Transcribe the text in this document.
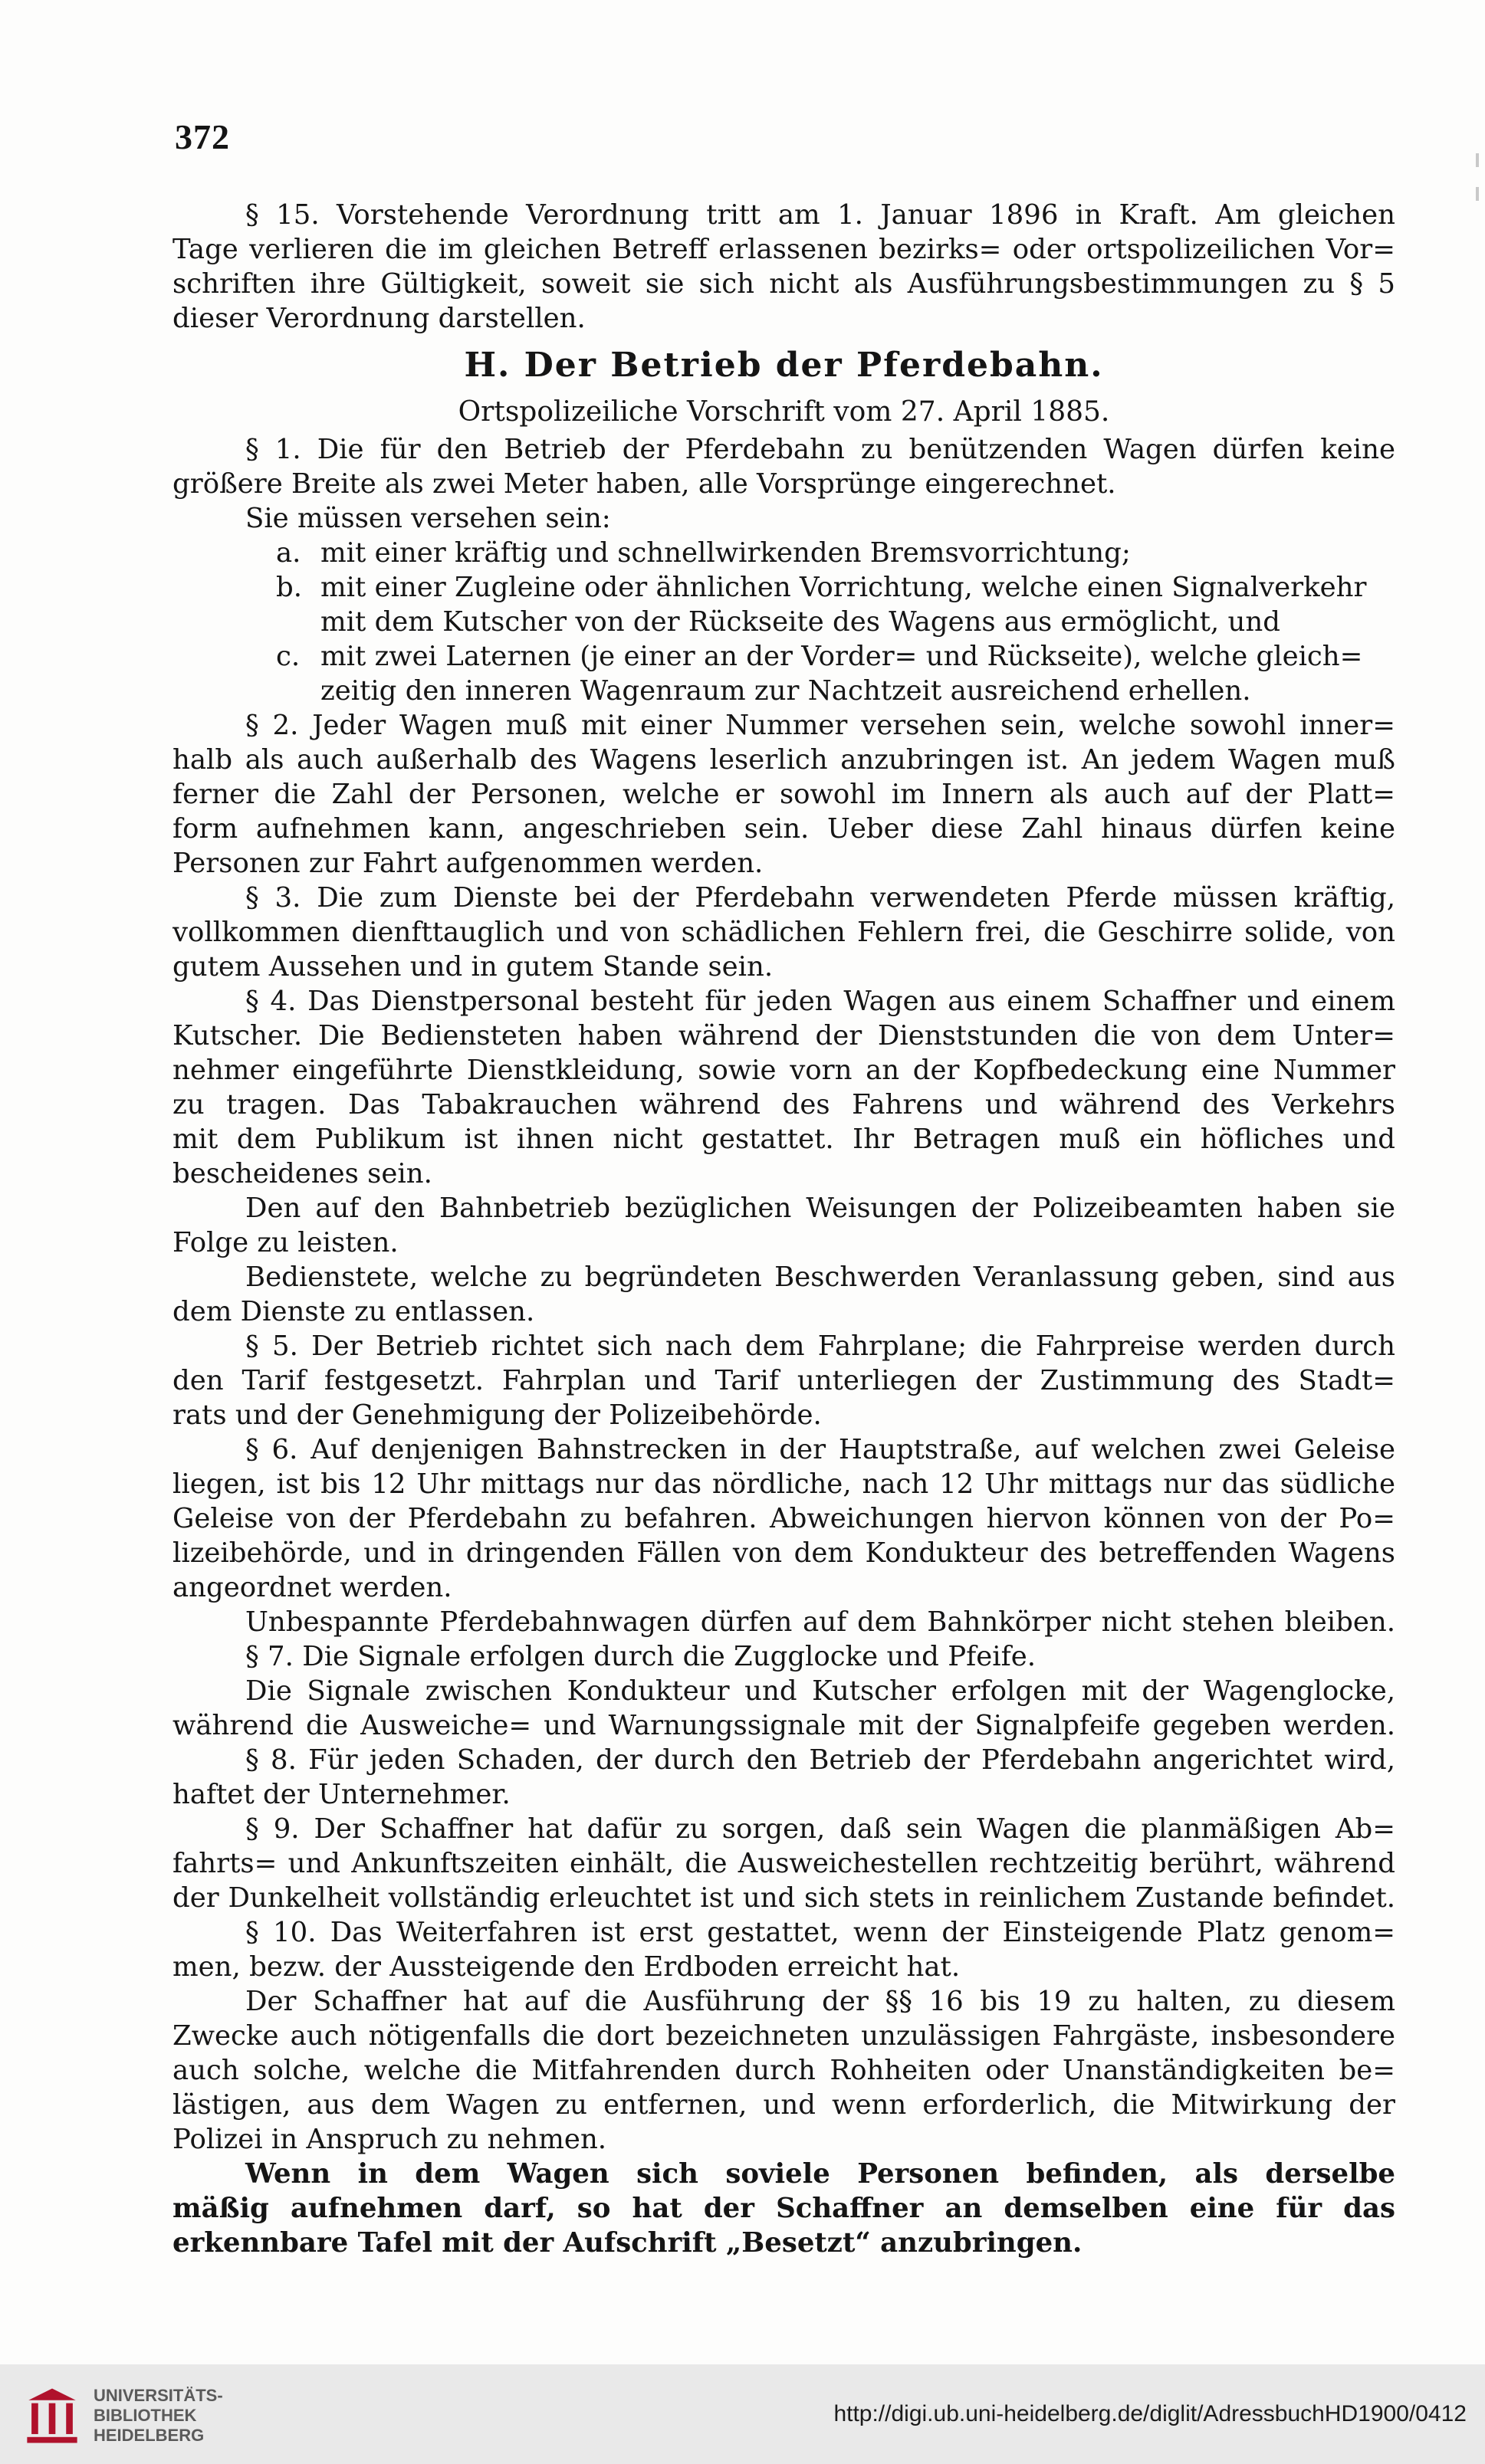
372
§ 15. Vorstehende Verordnung tritt am 1. Januar 1896 in Kraft. Am gleichen
Tage verlieren die im gleichen Betreff erlassenen bezirks= oder ortspolizeilichen Vor=
schriften ihre Gültigkeit, soweit sie sich nicht als Ausführungsbestimmungen zu § 5
dieser Verordnung darstellen.
H. Der Betrieb der Pferdebahn.
Ortspolizeiliche Vorschrift vom 27. April 1885.
§ 1. Die für den Betrieb der Pferdebahn zu benützenden Wagen dürfen keine
größere Breite als zwei Meter haben, alle Vorsprünge eingerechnet.
Sie müssen versehen sein:
a. mit einer kräftig und schnellwirkenden Bremsvorrichtung;
b. mit einer Zugleine oder ähnlichen Vorrichtung, welche einen Signalverkehr
mit dem Kutscher von der Rückseite des Wagens aus ermöglicht, und
c. mit zwei Laternen (je einer an der Vorder= und Rückseite), welche gleich=
zeitig den inneren Wagenraum zur Nachtzeit ausreichend erhellen.
§ 2. Jeder Wagen muß mit einer Nummer versehen sein, welche sowohl inner=
halb als auch außerhalb des Wagens leserlich anzubringen ist. An jedem Wagen muß
ferner die Zahl der Personen, welche er sowohl im Innern als auch auf der Platt=
form aufnehmen kann, angeschrieben sein. Ueber diese Zahl hinaus dürfen keine
Personen zur Fahrt aufgenommen werden.
§ 3. Die zum Dienste bei der Pferdebahn verwendeten Pferde müssen kräftig,
vollkommen dienfttauglich und von schädlichen Fehlern frei, die Geschirre solide, von
gutem Aussehen und in gutem Stande sein.
§ 4. Das Dienstpersonal besteht für jeden Wagen aus einem Schaffner und einem
Kutscher. Die Bediensteten haben während der Dienststunden die von dem Unter=
nehmer eingeführte Dienstkleidung, sowie vorn an der Kopfbedeckung eine Nummer
zu tragen. Das Tabakrauchen während des Fahrens und während des Verkehrs
mit dem Publikum ist ihnen nicht gestattet. Ihr Betragen muß ein höfliches und
bescheidenes sein.
Den auf den Bahnbetrieb bezüglichen Weisungen der Polizeibeamten haben sie
Folge zu leisten.
Bedienstete, welche zu begründeten Beschwerden Veranlassung geben, sind aus
dem Dienste zu entlassen.
§ 5. Der Betrieb richtet sich nach dem Fahrplane; die Fahrpreise werden durch
den Tarif festgesetzt. Fahrplan und Tarif unterliegen der Zustimmung des Stadt=
rats und der Genehmigung der Polizeibehörde.
§ 6. Auf denjenigen Bahnstrecken in der Hauptstraße, auf welchen zwei Geleise
liegen, ist bis 12 Uhr mittags nur das nördliche, nach 12 Uhr mittags nur das südliche
Geleise von der Pferdebahn zu befahren. Abweichungen hiervon können von der Po=
lizeibehörde, und in dringenden Fällen von dem Kondukteur des betreffenden Wagens
angeordnet werden.
Unbespannte Pferdebahnwagen dürfen auf dem Bahnkörper nicht stehen bleiben.
§ 7. Die Signale erfolgen durch die Zugglocke und Pfeife.
Die Signale zwischen Kondukteur und Kutscher erfolgen mit der Wagenglocke,
während die Ausweiche= und Warnungssignale mit der Signalpfeife gegeben werden.
§ 8. Für jeden Schaden, der durch den Betrieb der Pferdebahn angerichtet wird,
haftet der Unternehmer.
§ 9. Der Schaffner hat dafür zu sorgen, daß sein Wagen die planmäßigen Ab=
fahrts= und Ankunftszeiten einhält, die Ausweichestellen rechtzeitig berührt, während
der Dunkelheit vollständig erleuchtet ist und sich stets in reinlichem Zustande befindet.
§ 10. Das Weiterfahren ist erst gestattet, wenn der Einsteigende Platz genom=
men, bezw. der Aussteigende den Erdboden erreicht hat.
Der Schaffner hat auf die Ausführung der §§ 16 bis 19 zu halten, zu diesem
Zwecke auch nötigenfalls die dort bezeichneten unzulässigen Fahrgäste, insbesondere
auch solche, welche die Mitfahrenden durch Rohheiten oder Unanständigkeiten be=
lästigen, aus dem Wagen zu entfernen, und wenn erforderlich, die Mitwirkung der
Polizei in Anspruch zu nehmen.
Wenn in dem Wagen sich soviele Personen befinden, als derselbe
mäßig aufnehmen darf, so hat der Schaffner an demselben eine für das
erkennbare Tafel mit der Aufschrift „Besetzt“ anzubringen.
UNIVERSITÄTS-
BIBLIOTHEK
HEIDELBERG
http://digi.ub.uni-heidelberg.de/diglit/AdressbuchHD1900/0412
